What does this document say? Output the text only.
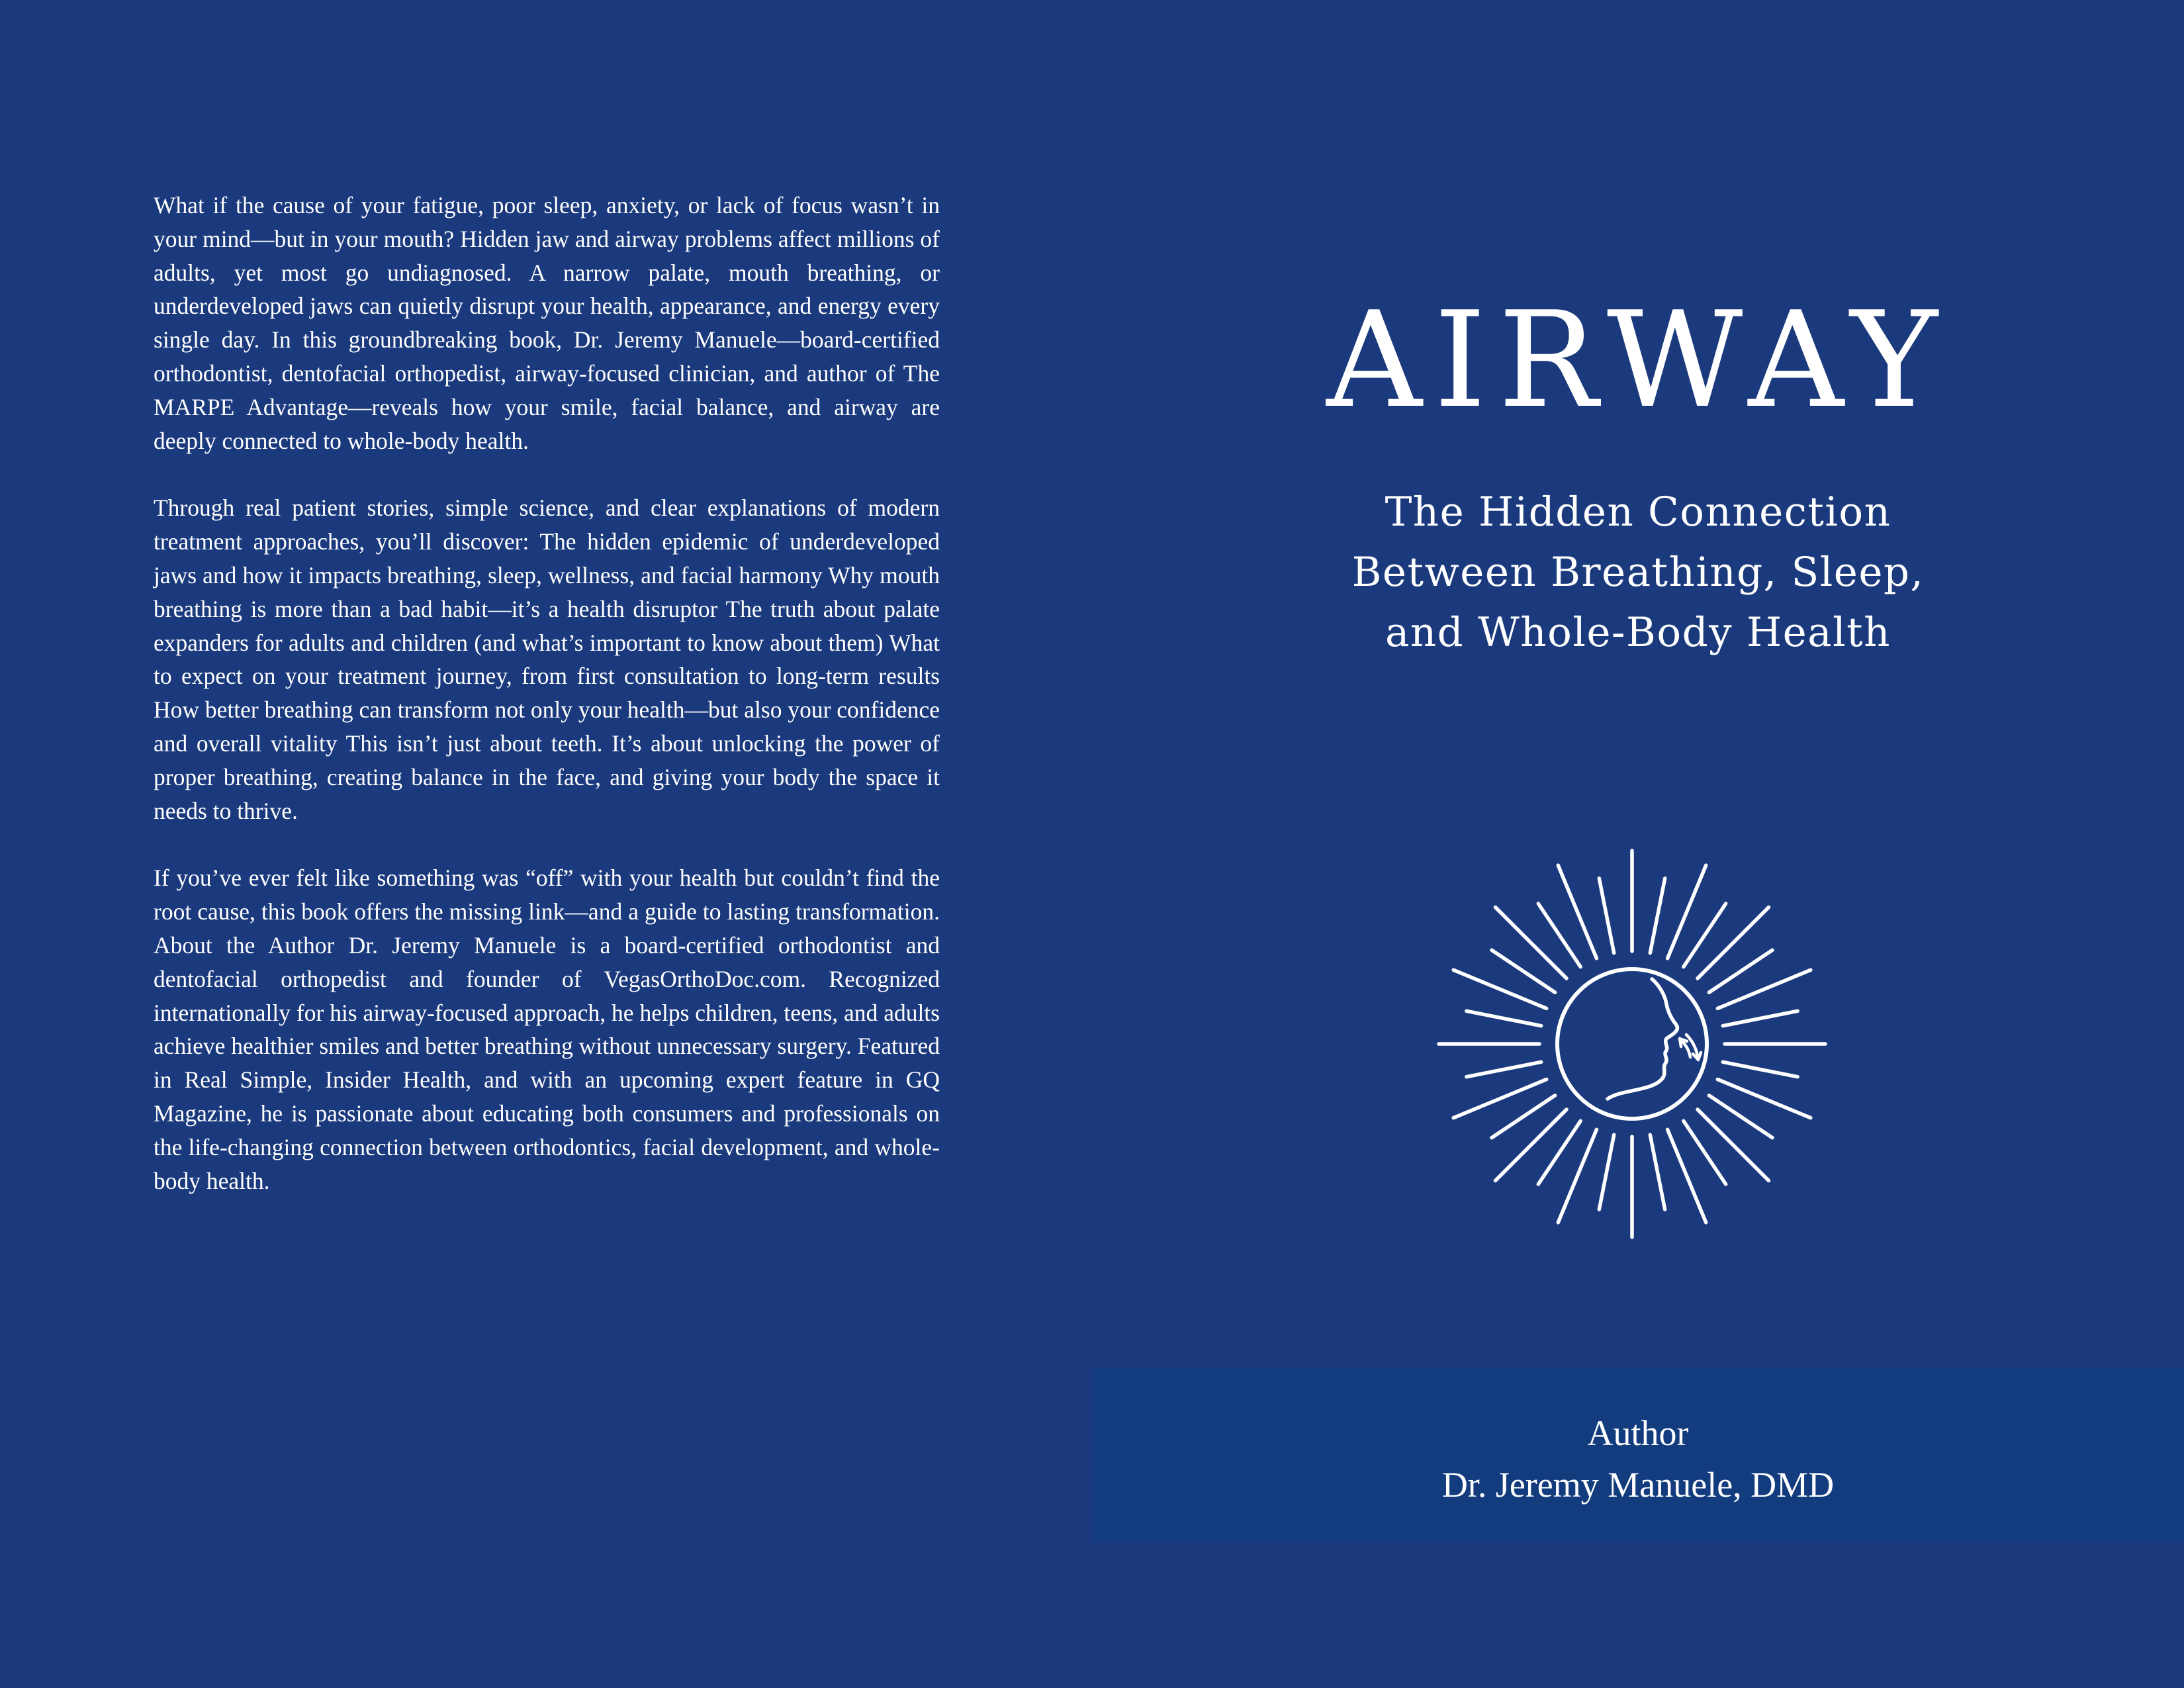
What if the cause of your fatigue, poor sleep, anxiety, or lack of focus wasn’t in your mind—but in your mouth? Hidden jaw and airway problems affect millions of adults, yet most go undiagnosed. A narrow palate, mouth breathing, or underdeveloped jaws can quietly disrupt your health, appearance, and energy every single day. In this groundbreaking book, Dr. Jeremy Manuele—board-certified orthodontist, dentofacial orthopedist, airway-focused clinician, and author of The MARPE Advantage—reveals how your smile, facial balance, and airway are deeply connected to whole-body health.

Through real patient stories, simple science, and clear explanations of modern treatment approaches, you’ll discover: The hidden epidemic of underdeveloped jaws and how it impacts breathing, sleep, wellness, and facial harmony Why mouth breathing is more than a bad habit—it’s a health disruptor The truth about palate expanders for adults and children (and what’s important to know about them) What to expect on your treatment journey, from first consultation to long-term results How better breathing can transform not only your health—but also your confidence and overall vitality This isn’t just about teeth. It’s about unlocking the power of proper breathing, creating balance in the face, and giving your body the space it needs to thrive.

If you’ve ever felt like something was “off” with your health but couldn’t find the root cause, this book offers the missing link—and a guide to lasting transformation. About the Author Dr. Jeremy Manuele is a board-certified orthodontist and dentofacial orthopedist and founder of VegasOrthoDoc.com. Recognized internationally for his airway-focused approach, he helps children, teens, and adults achieve healthier smiles and better breathing without unnecessary surgery. Featured in Real Simple, Insider Health, and with an upcoming expert feature in GQ Magazine, he is passionate about educating both consumers and professionals on the life-changing connection between orthodontics, facial development, and whole-body health.

AIRWAY
The Hidden Connection
Between Breathing, Sleep,
and Whole-Body Health
Author
Dr. Jeremy Manuele, DMD
